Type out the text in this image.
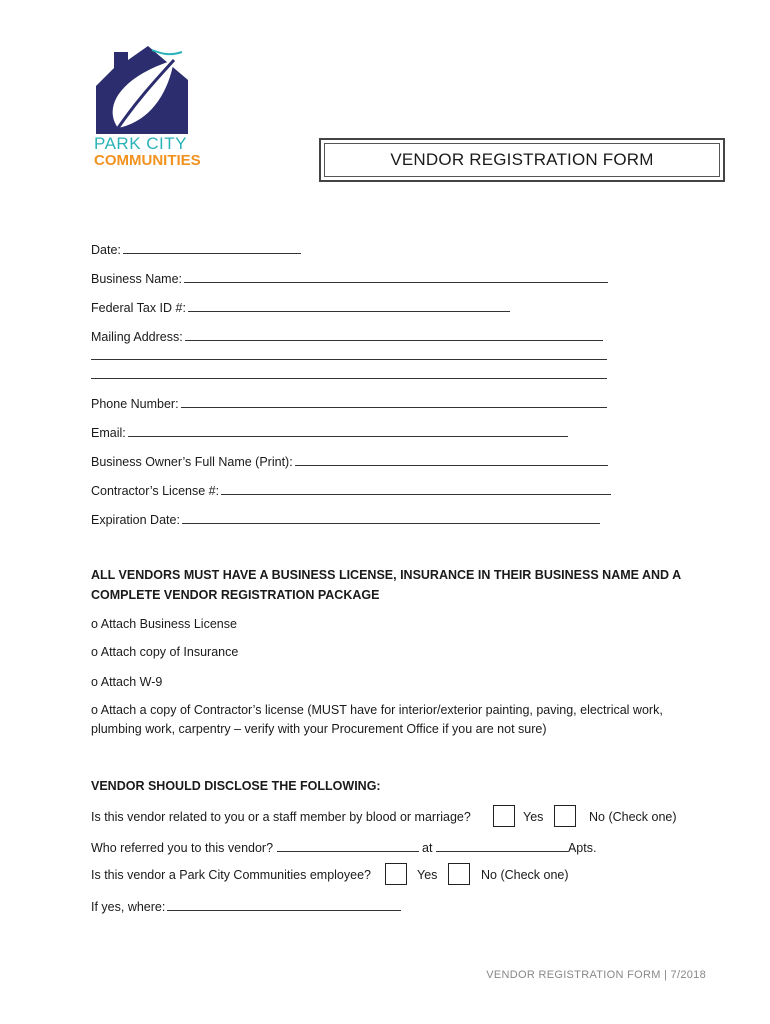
PARK CITY
COMMUNITIES	VENDOR REGISTRATION FORM
Date:
Business Name:
Federal Tax ID #:
Mailing Address:
Phone Number:
Email:
Business Owner’s Full Name (Print):
Contractor’s License #:
Expiration Date:
ALL VENDORS MUST HAVE A BUSINESS LICENSE, INSURANCE IN THEIR BUSINESS NAME AND A
COMPLETE VENDOR REGISTRATION PACKAGE
o Attach Business License
o Attach copy of Insurance
o Attach W-9
o Attach a copy of Contractor’s license (MUST have for interior/exterior painting, paving, electrical work,
plumbing work, carpentry – verify with your Procurement Office if you are not sure)
VENDOR SHOULD DISCLOSE THE FOLLOWING:
Is this vendor related to you or a staff member by blood or marriage?	Yes	No (Check one)
Who referred you to this vendor?	at	Apts.
Is this vendor a Park City Communities employee?	Yes	No (Check one)
If yes, where:
VENDOR REGISTRATION FORM | 7/2018
